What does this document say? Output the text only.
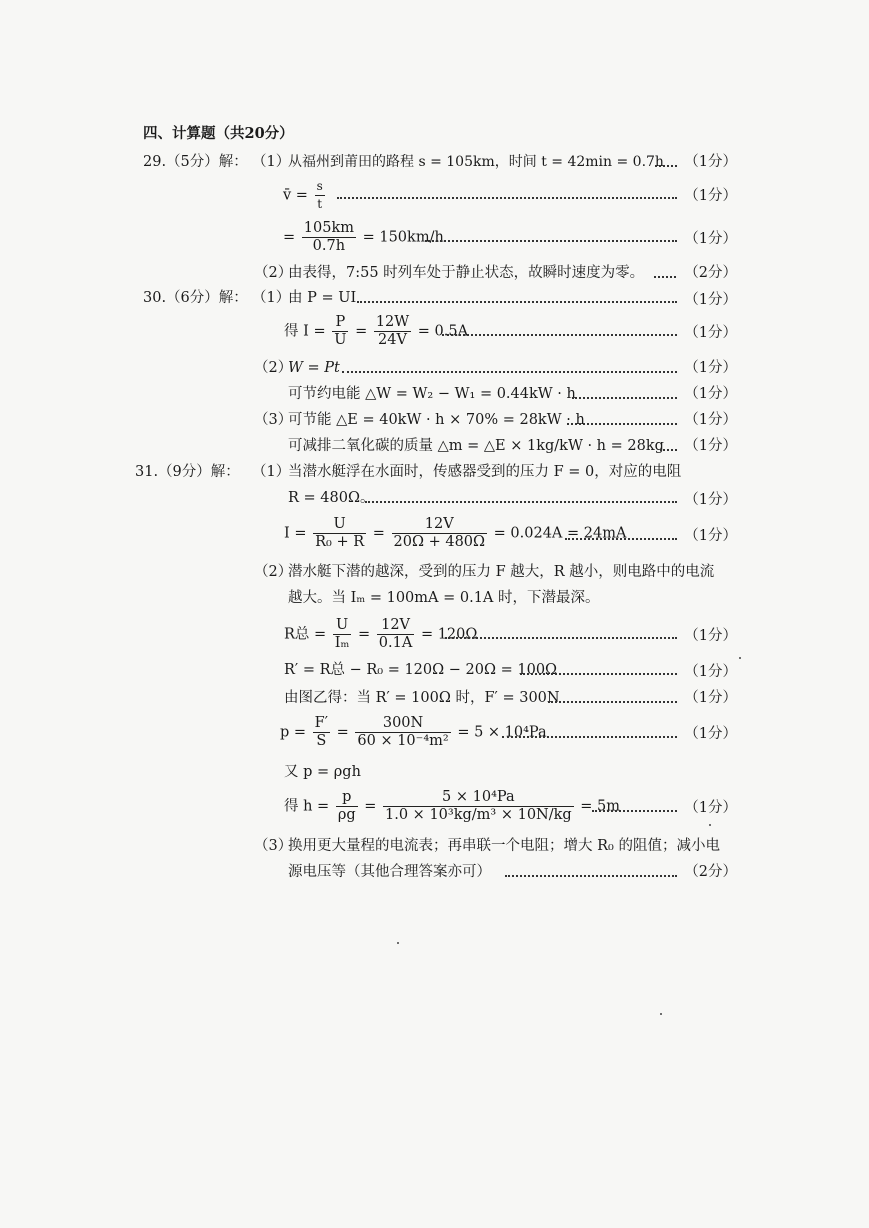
四、计算题（共20分）
29.（5分）解： （1）
从福州到莆田的路程 s = 105km，时间 t = 42min = 0.7h （1分）
v̄ = $\frac{s}{t}$	（1分）
= $\frac{105km}{0.7h} = 150km/h$	（1分）
（2）
由表得，7:55 时列车处于静止状态，故瞬时速度为零。	（2分）
30.（6分）解： （1）
由 P = UI	（1分）
得 $I = \frac{P}{U} = \frac{12W}{24V} = 0.5A$	（1分）
（2）
W = Pt	（1分）
可节约电能 △W = W₂ − W₁ = 0.44kW · h	（1分）
（3）
可节能 △E = 40kW · h × 70% = 28kW · h	（1分）
可减排二氧化碳的质量 △m = △E × 1kg/kW · h = 28kg （1分）
31.（9分）解： （1）
当潜水艇浮在水面时，传感器受到的压力 F = 0，对应的电阻
R = 480Ω。	（1分）
$I = \frac{U}{\text{R₀ + R}} = \frac{12V}{20\Omega + 480\Omega} = 0.024A = 24mA$	（1分）
（2）
潜水艇下潜的越深，受到的压力 F 越大，R 越小，则电路中的电流
越大。当 Iₘ = 100mA = 0.1A 时，下潜最深。
R总 = $\frac{U}{\text{Iₘ}} = \frac{12V}{0.1A} = 120\Omega$	（1分）
R′ = R总 − R₀ = 120Ω − 20Ω = 100Ω	（1分）
由图乙得：当 R′ = 100Ω 时，F′ = 300N	（1分）
$p = \frac{F'}{S} = \frac{300N}{\text{60 × 10⁻⁴m²}} = 5 \times 10^4Pa$	（1分）
又 p = ρgh
得 $h = \frac{p}{\rho g} = \frac{\text{5 × 10⁴Pa}}{\text{1.0 × 10³kg/m³ × 10N/kg}} = 5m$	（1分）
（3）
换用更大量程的电流表；再串联一个电阻；增大 R₀ 的阻值；减小电
源电压等（其他合理答案亦可）	（2分）
